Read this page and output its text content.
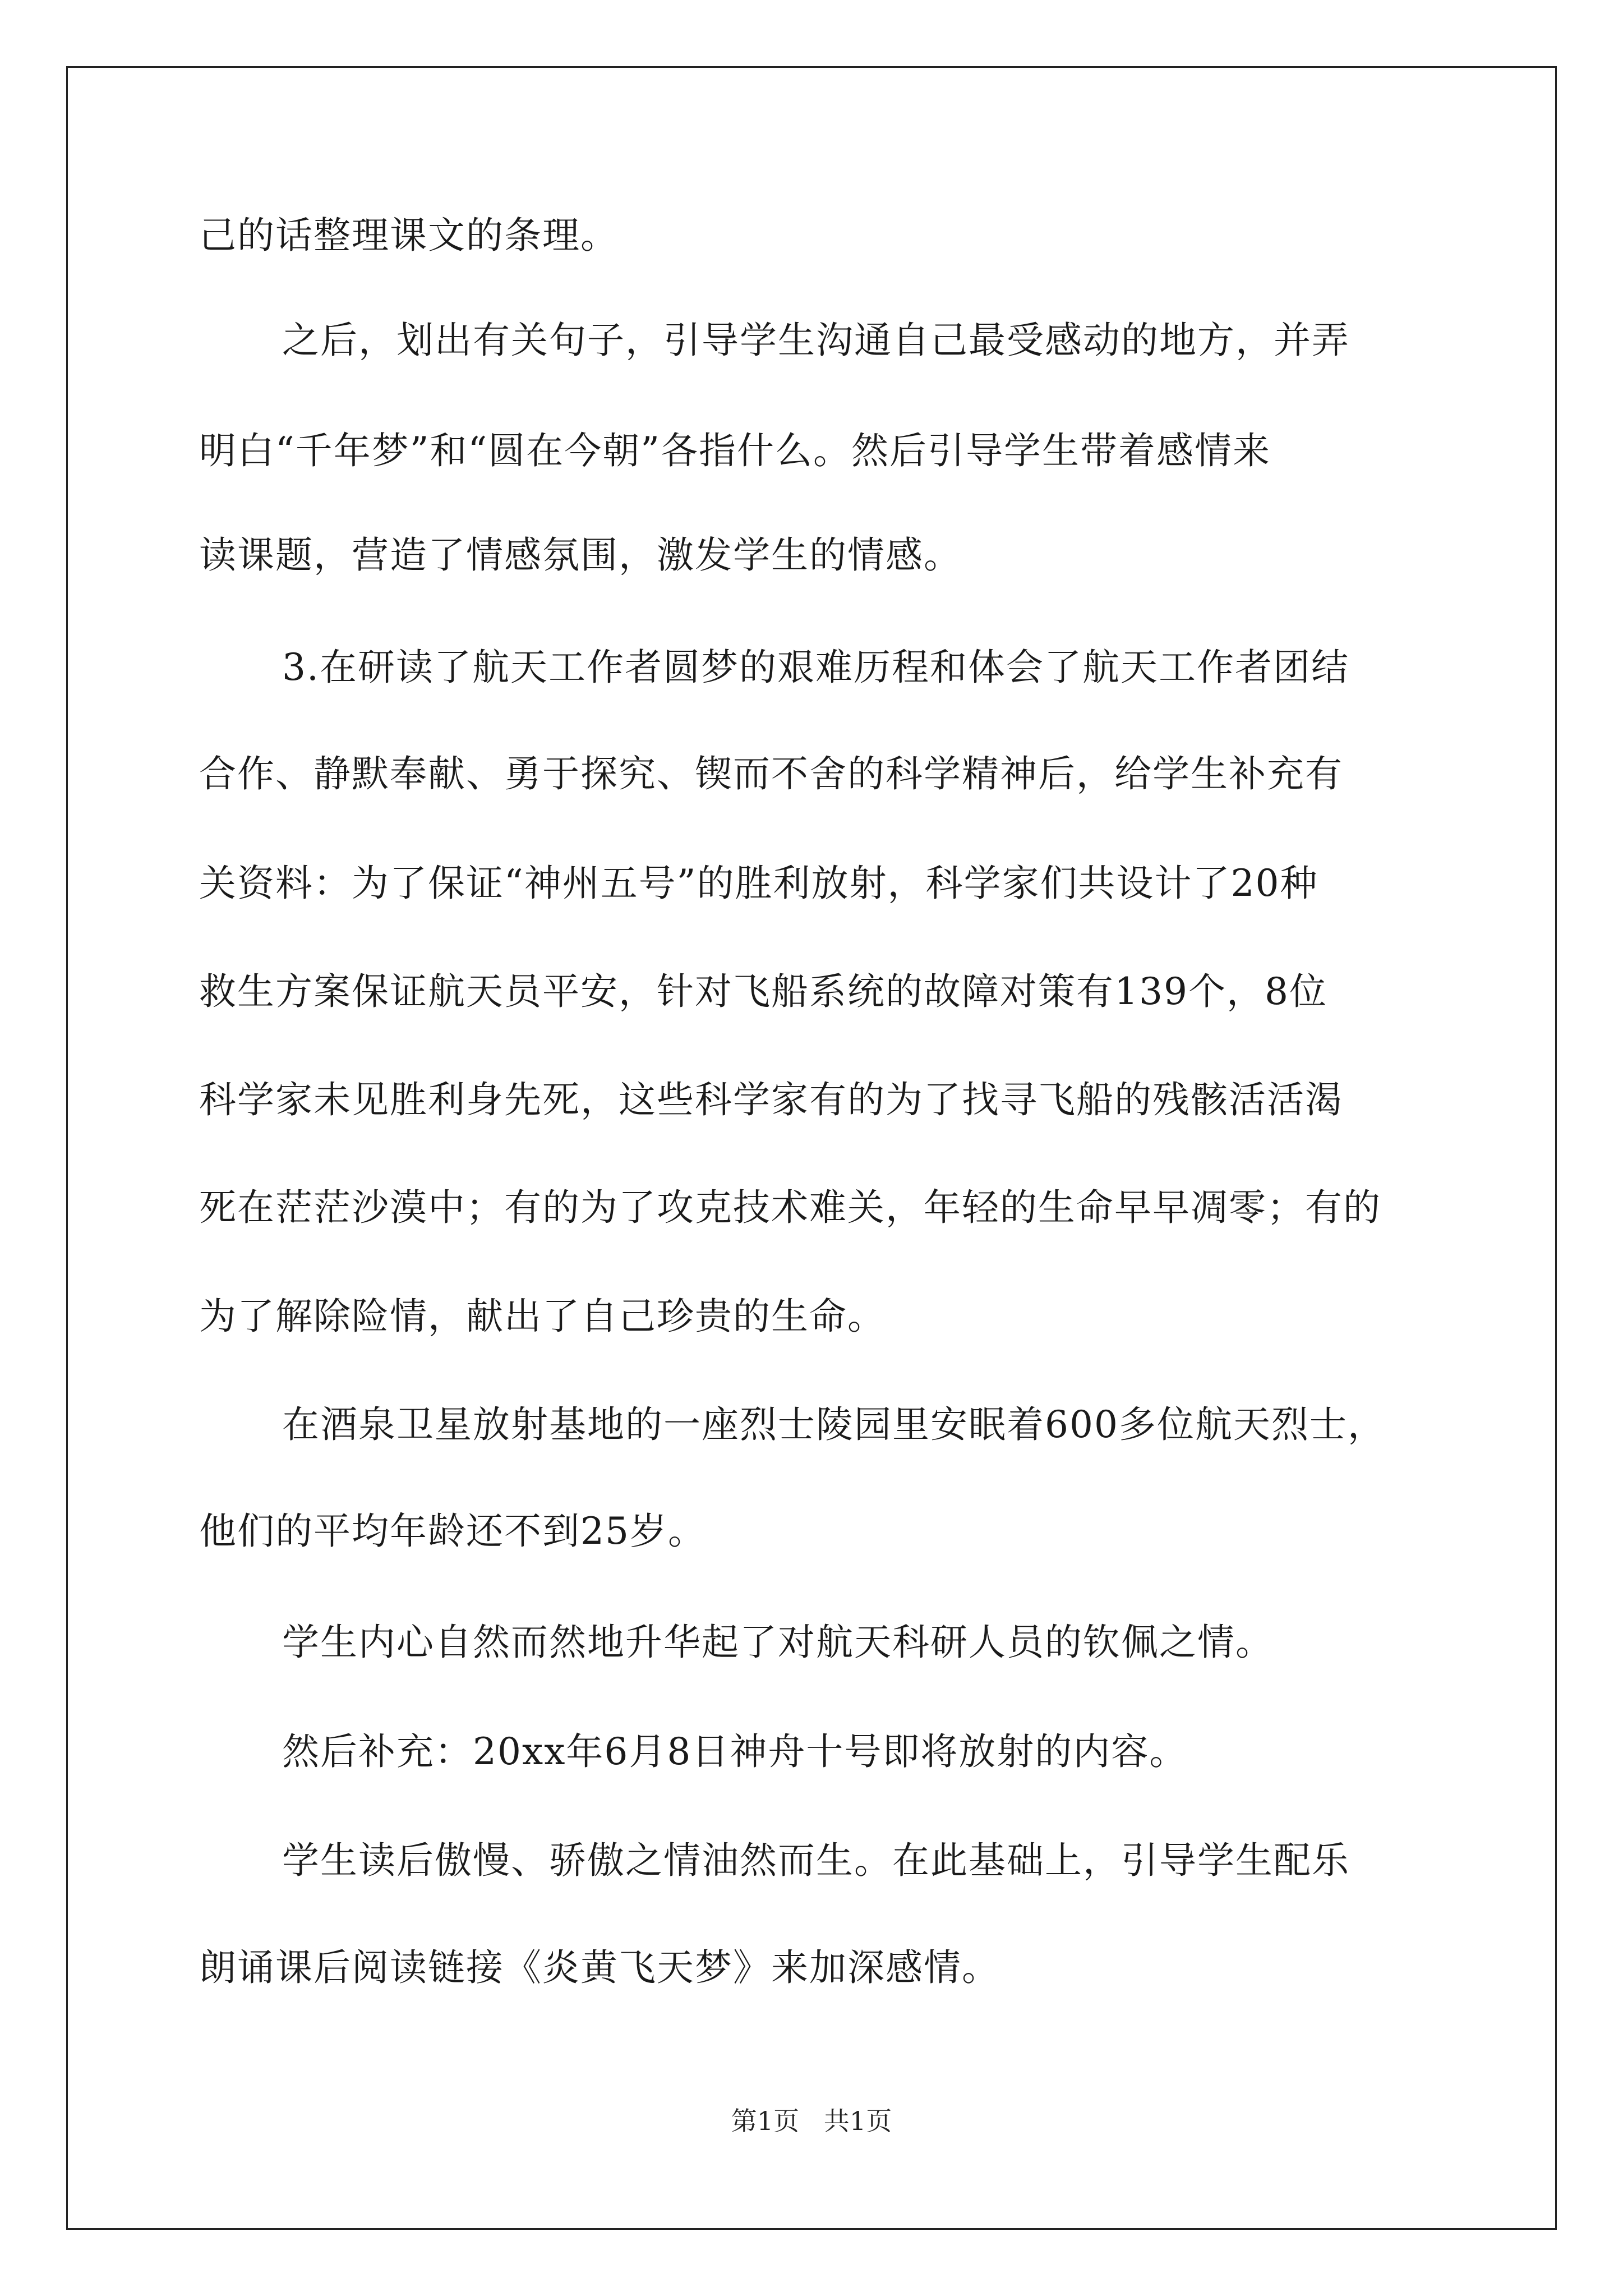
己的话整理课文的条理。
之后，划出有关句子，引导学生沟通自己最受感动的地方，并弄
明白“千年梦”和“圆在今朝”各指什么。然后引导学生带着感情来
读课题，营造了情感氛围，激发学生的情感。
3.在研读了航天工作者圆梦的艰难历程和体会了航天工作者团结
合作、静默奉献、勇于探究、锲而不舍的科学精神后，给学生补充有
关资料：为了保证“神州五号”的胜利放射，科学家们共设计了20种
救生方案保证航天员平安，针对飞船系统的故障对策有139个，8位
科学家未见胜利身先死，这些科学家有的为了找寻飞船的残骸活活渴
死在茫茫沙漠中；有的为了攻克技术难关，年轻的生命早早凋零；有的
为了解除险情，献出了自己珍贵的生命。
在酒泉卫星放射基地的一座烈士陵园里安眠着600多位航天烈士，
他们的平均年龄还不到25岁。
学生内心自然而然地升华起了对航天科研人员的钦佩之情。
然后补充：20xx年6月8日神舟十号即将放射的内容。
学生读后傲慢、骄傲之情油然而生。在此基础上，引导学生配乐
朗诵课后阅读链接《炎黄飞天梦》来加深感情。
第1页   共1页
